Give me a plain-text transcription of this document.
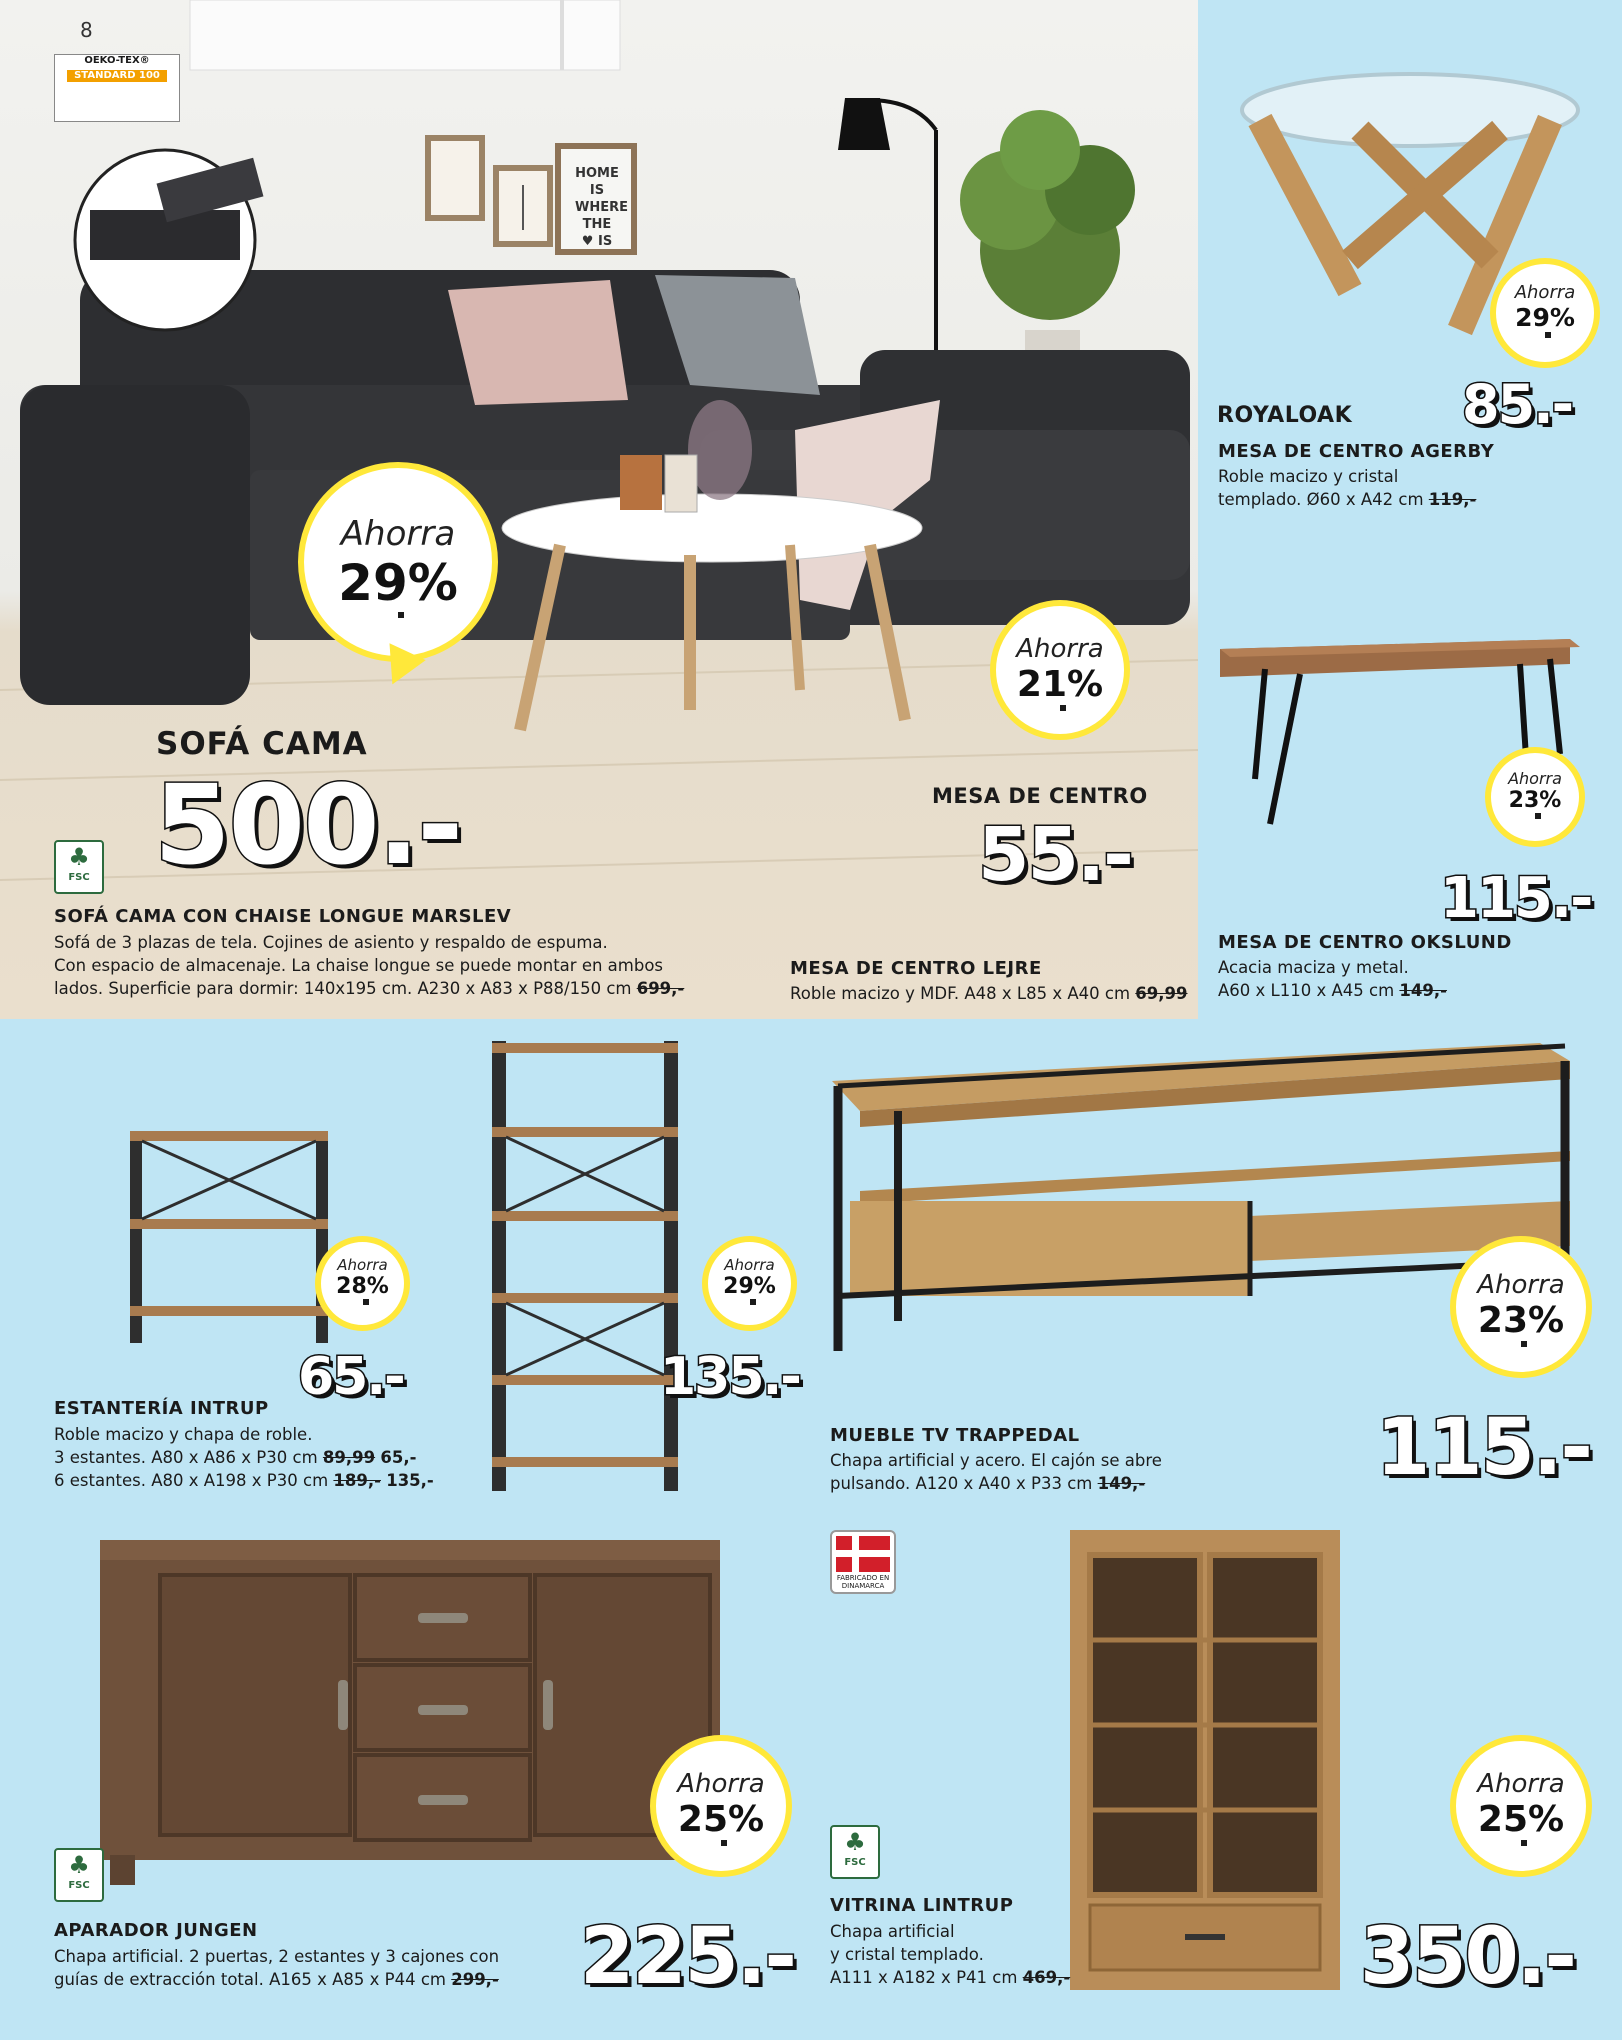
8
OEKO-TEX®
STANDARD 100
HOME IS
WHERE
THE
♥ IS
Ahorra
29%
SOFÁ CAMA
500.-
♣
FSC
SOFÁ CAMA CON CHAISE LONGUE MARSLEV
Sofá de 3 plazas de tela. Cojines de asiento y respaldo de espuma.
Con espacio de almacenaje. La chaise longue se puede montar en ambos
lados. Superficie para dormir: 140x195 cm. A230 x A83 x P88/150 cm 699,-
Ahorra
21%
MESA DE CENTRO
55.-
MESA DE CENTRO LEJRE
Roble macizo y MDF. A48 x L85 x A40 cm 69,99
Ahorra
29%
ROYALOAK 85.-
MESA DE CENTRO AGERBY
Roble macizo y cristal
templado. Ø60 x A42 cm 119,-
Ahorra
23%
115.-
MESA DE CENTRO OKSLUND
Acacia maciza y metal.
A60 x L110 x A45 cm 149,-
Ahorra
28%
65.-
Ahorra
29%
135.-
ESTANTERÍA INTRUP
Roble macizo y chapa de roble.
3 estantes. A80 x A86 x P30 cm 89,99 65,-
6 estantes. A80 x A198 x P30 cm 189,- 135,-
Ahorra
23%
115.-
MUEBLE TV TRAPPEDAL
Chapa artificial y acero. El cajón se abre
pulsando. A120 x A40 x P33 cm 149,-
Ahorra
25%
♣
FSC
225.-
APARADOR JUNGEN
Chapa artificial. 2 puertas, 2 estantes y 3 cajones con
guías de extracción total. A165 x A85 x P44 cm 299,-
FABRICADO EN DINAMARCA
Ahorra
25%
♣
FSC
350.-
VITRINA LINTRUP
Chapa artificial
y cristal templado.
A111 x A182 x P41 cm 469,-
